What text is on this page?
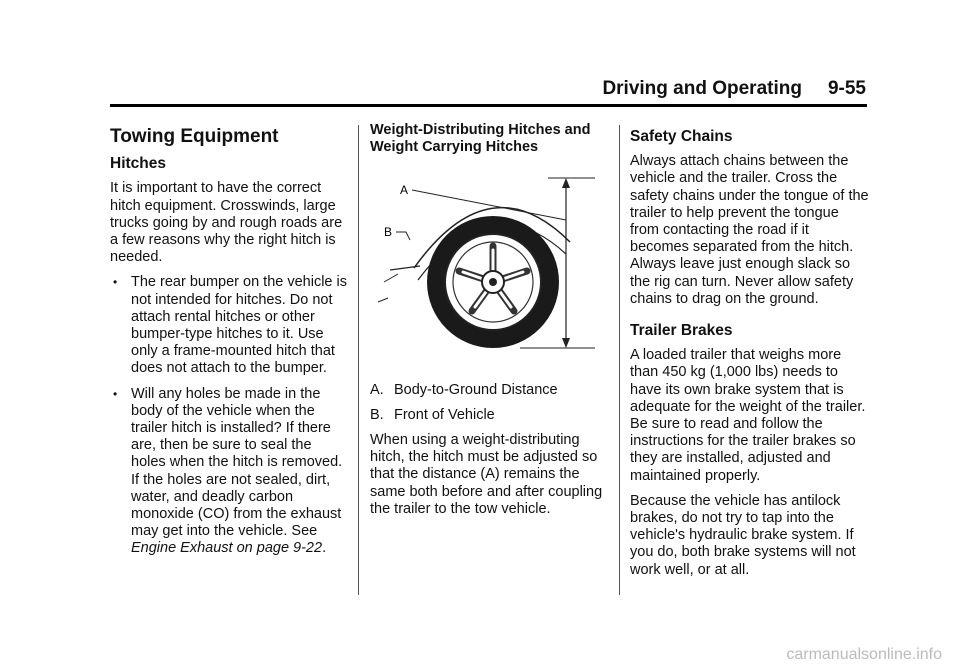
Driving and Operating 9-55
Towing Equipment
Hitches

It is important to have the correct hitch equipment. Crosswinds, large trucks going by and rough roads are a few reasons why the right hitch is needed.

• The rear bumper on the vehicle is not intended for hitches. Do not attach rental hitches or other bumper-type hitches to it. Use only a frame-mounted hitch that does not attach to the bumper.
• Will any holes be made in the body of the vehicle when the trailer hitch is installed? If there are, then be sure to seal the holes when the hitch is removed. If the holes are not sealed, dirt, water, and deadly carbon monoxide (CO) from the exhaust may get into the vehicle. See Engine Exhaust on page 9-22.

Weight-Distributing Hitches and Weight Carrying Hitches

A
B

A. Body-to-Ground Distance

B. Front of Vehicle

When using a weight-distributing hitch, the hitch must be adjusted so that the distance (A) remains the same both before and after coupling the trailer to the tow vehicle.

Safety Chains

Always attach chains between the vehicle and the trailer. Cross the safety chains under the tongue of the trailer to help prevent the tongue from contacting the road if it becomes separated from the hitch. Always leave just enough slack so the rig can turn. Never allow safety chains to drag on the ground.

Trailer Brakes

A loaded trailer that weighs more than 450 kg (1,000 lbs) needs to have its own brake system that is adequate for the weight of the trailer. Be sure to read and follow the instructions for the trailer brakes so they are installed, adjusted and maintained properly.

Because the vehicle has antilock brakes, do not try to tap into the vehicle's hydraulic brake system. If you do, both brake systems will not work well, or at all.

carmanualsonline.info
